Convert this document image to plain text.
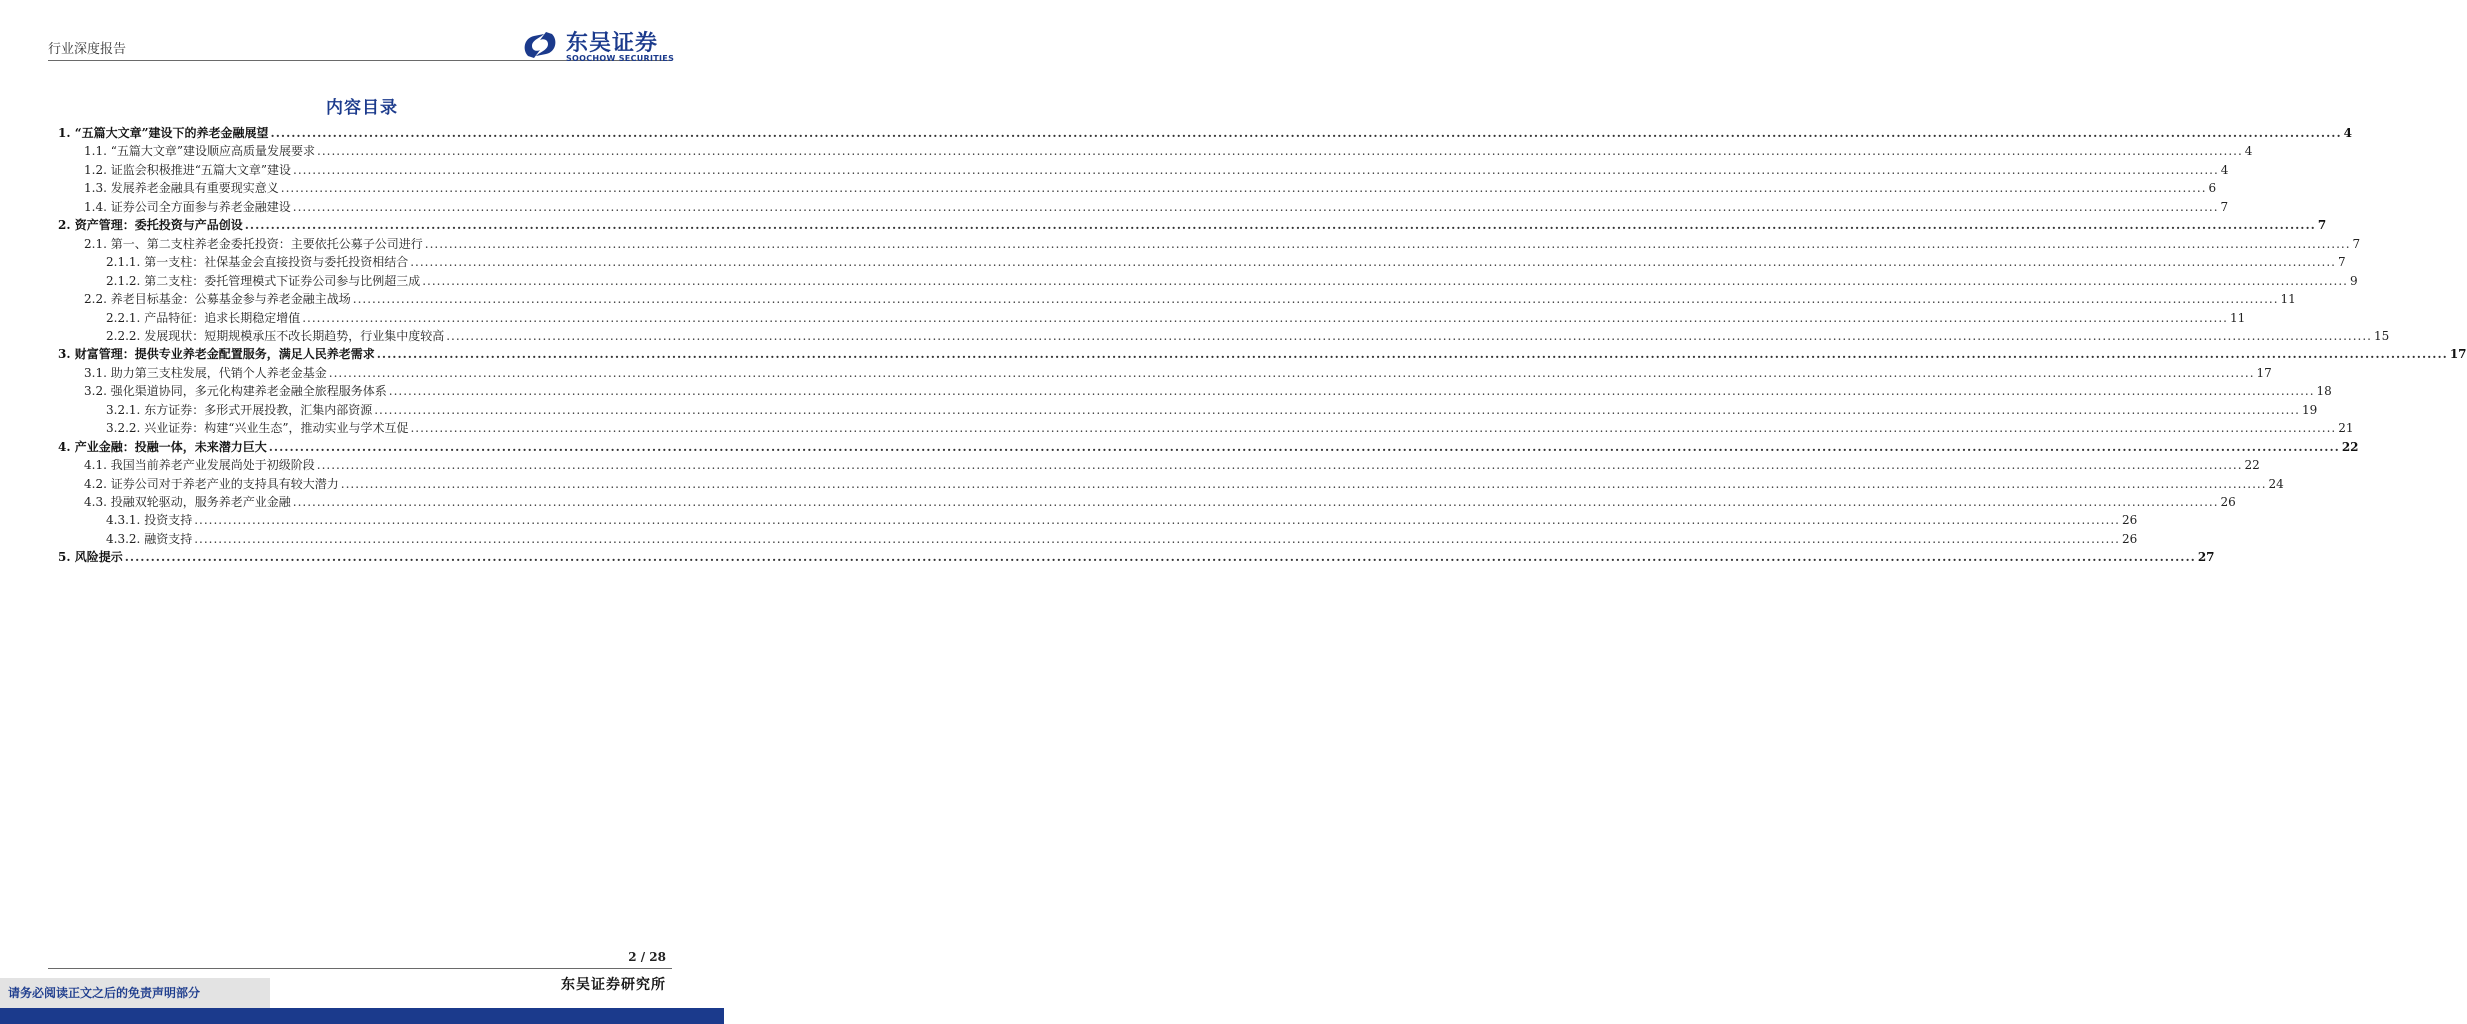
行业深度报告	东吴证券
SOOCHOW SECURITIES
内容目录
1. “五篇大文章”建设下的养老金融展望 ................................................................................................................................................................................................................................................................................................................................................................................................................ 4
1.1. “五篇大文章”建设顺应高质量发展要求 ................................................................................................................................................................................................................................................................................................................................................................................................................ 4
1.2. 证监会积极推进“五篇大文章”建设 ................................................................................................................................................................................................................................................................................................................................................................................................................ 4
1.3. 发展养老金融具有重要现实意义 ................................................................................................................................................................................................................................................................................................................................................................................................................ 6
1.4. 证券公司全方面参与养老金融建设 ................................................................................................................................................................................................................................................................................................................................................................................................................ 7
2. 资产管理：委托投资与产品创设 ................................................................................................................................................................................................................................................................................................................................................................................................................ 7
2.1. 第一、第二支柱养老金委托投资：主要依托公募子公司进行 ................................................................................................................................................................................................................................................................................................................................................................................................................ 7
2.1.1. 第一支柱：社保基金会直接投资与委托投资相结合 ................................................................................................................................................................................................................................................................................................................................................................................................................ 7
2.1.2. 第二支柱：委托管理模式下证券公司参与比例超三成 ................................................................................................................................................................................................................................................................................................................................................................................................................ 9
2.2. 养老目标基金：公募基金参与养老金融主战场 ................................................................................................................................................................................................................................................................................................................................................................................................................ 11
2.2.1. 产品特征：追求长期稳定增值 ................................................................................................................................................................................................................................................................................................................................................................................................................ 11
2.2.2. 发展现状：短期规模承压不改长期趋势，行业集中度较高 ................................................................................................................................................................................................................................................................................................................................................................................................................ 15
3. 财富管理：提供专业养老金配置服务，满足人民养老需求 ................................................................................................................................................................................................................................................................................................................................................................................................................ 17
3.1. 助力第三支柱发展，代销个人养老金基金 ................................................................................................................................................................................................................................................................................................................................................................................................................ 17
3.2. 强化渠道协同，多元化构建养老金融全旅程服务体系 ................................................................................................................................................................................................................................................................................................................................................................................................................ 18
3.2.1. 东方证券：多形式开展投教，汇集内部资源 ................................................................................................................................................................................................................................................................................................................................................................................................................ 19
3.2.2. 兴业证券：构建“兴业生态”，推动实业与学术互促 ................................................................................................................................................................................................................................................................................................................................................................................................................ 21
4. 产业金融：投融一体，未来潜力巨大 ................................................................................................................................................................................................................................................................................................................................................................................................................ 22
4.1. 我国当前养老产业发展尚处于初级阶段 ................................................................................................................................................................................................................................................................................................................................................................................................................ 22
4.2. 证券公司对于养老产业的支持具有较大潜力 ................................................................................................................................................................................................................................................................................................................................................................................................................ 24
4.3. 投融双轮驱动，服务养老产业金融 ................................................................................................................................................................................................................................................................................................................................................................................................................ 26
4.3.1. 投资支持 ................................................................................................................................................................................................................................................................................................................................................................................................................ 26
4.3.2. 融资支持 ................................................................................................................................................................................................................................................................................................................................................................................................................ 26
5. 风险提示 ................................................................................................................................................................................................................................................................................................................................................................................................................ 27
2 / 28
请务必阅读正文之后的免责声明部分	东吴证券研究所
